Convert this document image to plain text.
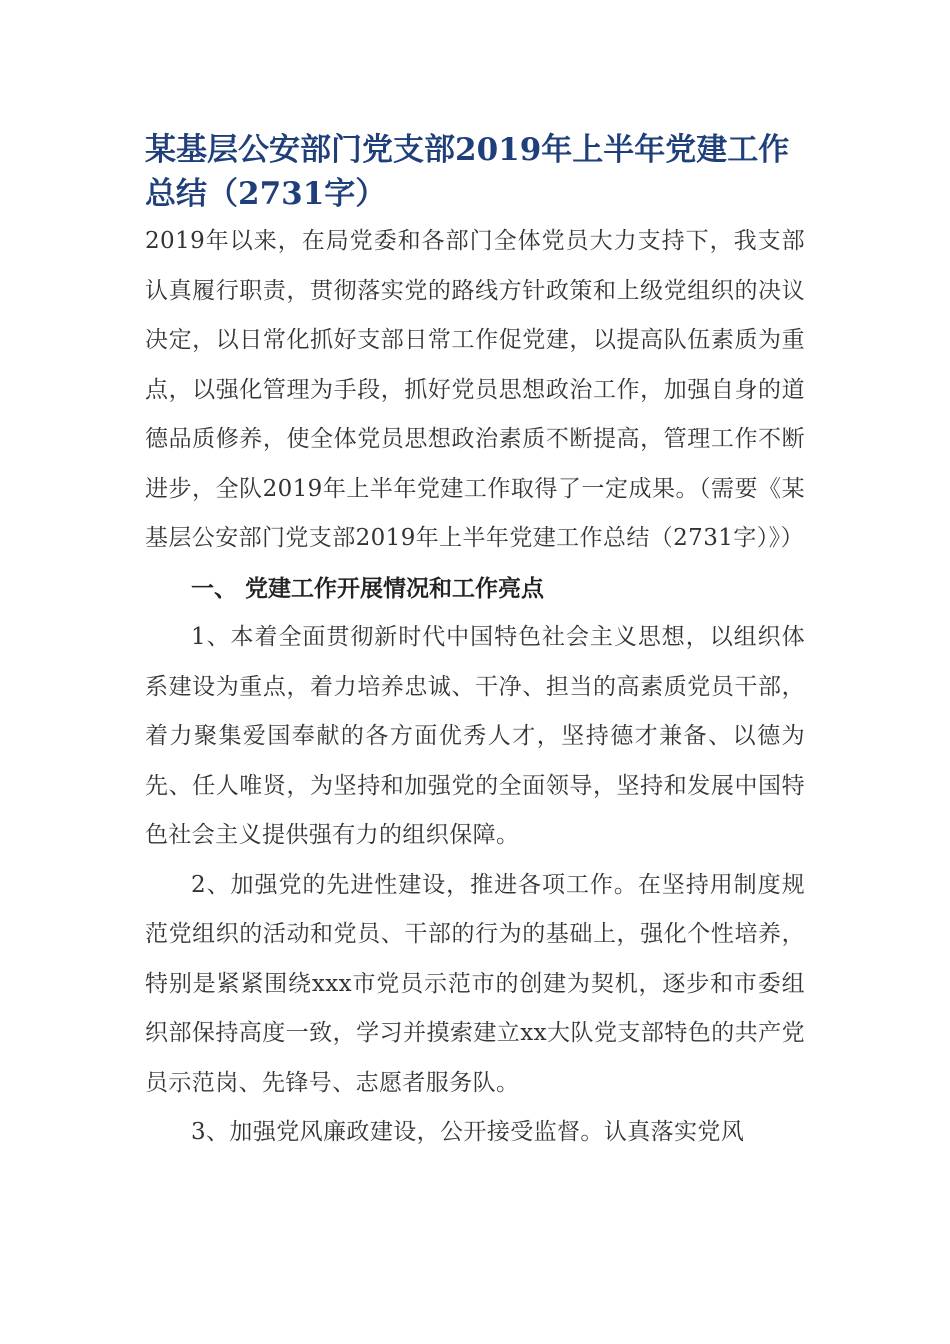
某基层公安部门党支部2019年上半年党建工作总结（2731字）

2019年以来，在局党委和各部门全体党员大力支持下，我支部认真履行职责，贯彻落实党的路线方针政策和上级党组织的决议决定，以日常化抓好支部日常工作促党建，以提高队伍素质为重点，以强化管理为手段，抓好党员思想政治工作，加强自身的道德品质修养，使全体党员思想政治素质不断提高，管理工作不断进步，全队2019年上半年党建工作取得了一定成果。（需要《某基层公安部门党支部2019年上半年党建工作总结（2731字）》）

一、 党建工作开展情况和工作亮点

1、本着全面贯彻新时代中国特色社会主义思想，以组织体系建设为重点，着力培养忠诚、干净、担当的高素质党员干部，着力聚集爱国奉献的各方面优秀人才，坚持德才兼备、以德为先、任人唯贤，为坚持和加强党的全面领导，坚持和发展中国特色社会主义提供强有力的组织保障。

2、加强党的先进性建设，推进各项工作。在坚持用制度规范党组织的活动和党员、干部的行为的基础上，强化个性培养，特别是紧紧围绕xxx市党员示范市的创建为契机，逐步和市委组织部保持高度一致，学习并摸索建立xx大队党支部特色的共产党员示范岗、先锋号、志愿者服务队。

3、加强党风廉政建设，公开接受监督。认真落实党风
